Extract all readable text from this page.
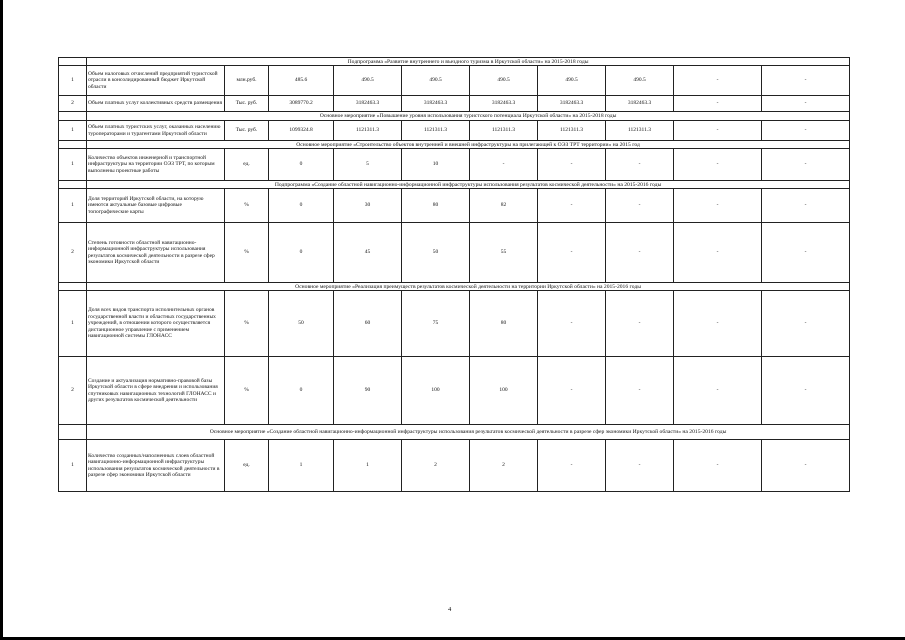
	Подпрограмма «Развитие внутреннего и въездного туризма в Иркутской области» на 2015-2018 годы									
1	Объем налоговых отчислений предприятий туристской отрасли в консолидированный бюджет Иркутской области	млн.руб.	485.6	490.5	490.5	490.5	490.5	490.5	-	-
2	Объем платных услуг коллективных средств размещения	Тыс. руб.	3089770.2	3182463.3	3182463.3	3182463.3	3182463.3	3182463.3	-	-
	Основное мероприятие «Повышение уровня использования туристского потенциала Иркутской области» на 2015-2018 годы									
1	Объем платных туристских услуг, оказанных населению туроператорами и турагентами Иркутской области	Тыс. руб.	1099324.8	1121311.3	1121311.3	1121311.3	1121311.3	1121311.3	-	-
	Основное мероприятие «Строительство объектов внутренней и внешней инфраструктуры на прилегающей к ОЭЗ ТРТ территории» на 2015 год									
1	Количество объектов инженерной и транспортной инфраструктуры на территории ОЭЗ ТРТ, по которым выполнены проектные работы	ед.	0	5	10	-	-	-	-	-
	Подпрограмма «Создание областной навигационно-информационной инфраструктуры использования результатов космической деятельности» на 2015-2016 годы									
1	Доля территорий Иркутской области, на которую имеются актуальные базовые цифровые топографические карты	%	0	30	80	82	-	-	-	-
2	Степень готовности областной навигационно-информационной инфраструктуры использования результатов космической деятельности в разрезе сфер экономики Иркутской области	%	0	45	50	55	-	-	-	-
	Основное мероприятие «Реализация преимуществ результатов космической деятельности на территории Иркутской области» на 2015-2016 годы									
1	Доля всех видов транспорта исполнительных органов государственной власти и областных государственных учреждений, в отношении которого осуществляется дистанционное управление с применением навигационной системы ГЛОНАСС	%	50	60	75	80	-	-	-	-
2	Создание и актуализация нормативно-правовой базы Иркутской области в сфере внедрения и использования спутниковых навигационных технологий ГЛОНАСС и других результатов космической деятельности	%	0	90	100	100	-	-	-	-
	Основное мероприятие «Создание областной навигационно-информационной инфраструктуры использования результатов космической деятельности в разрезе сфер экономики Иркутской области» на 2015-2016 годы									
1	Количество созданных/наполненных слоев областной навигационно-информационной инфраструктуры использования результатов космической деятельности в разрезе сфер экономики Иркутской области	ед.	1	1	2	2	-	-	-	-
4
